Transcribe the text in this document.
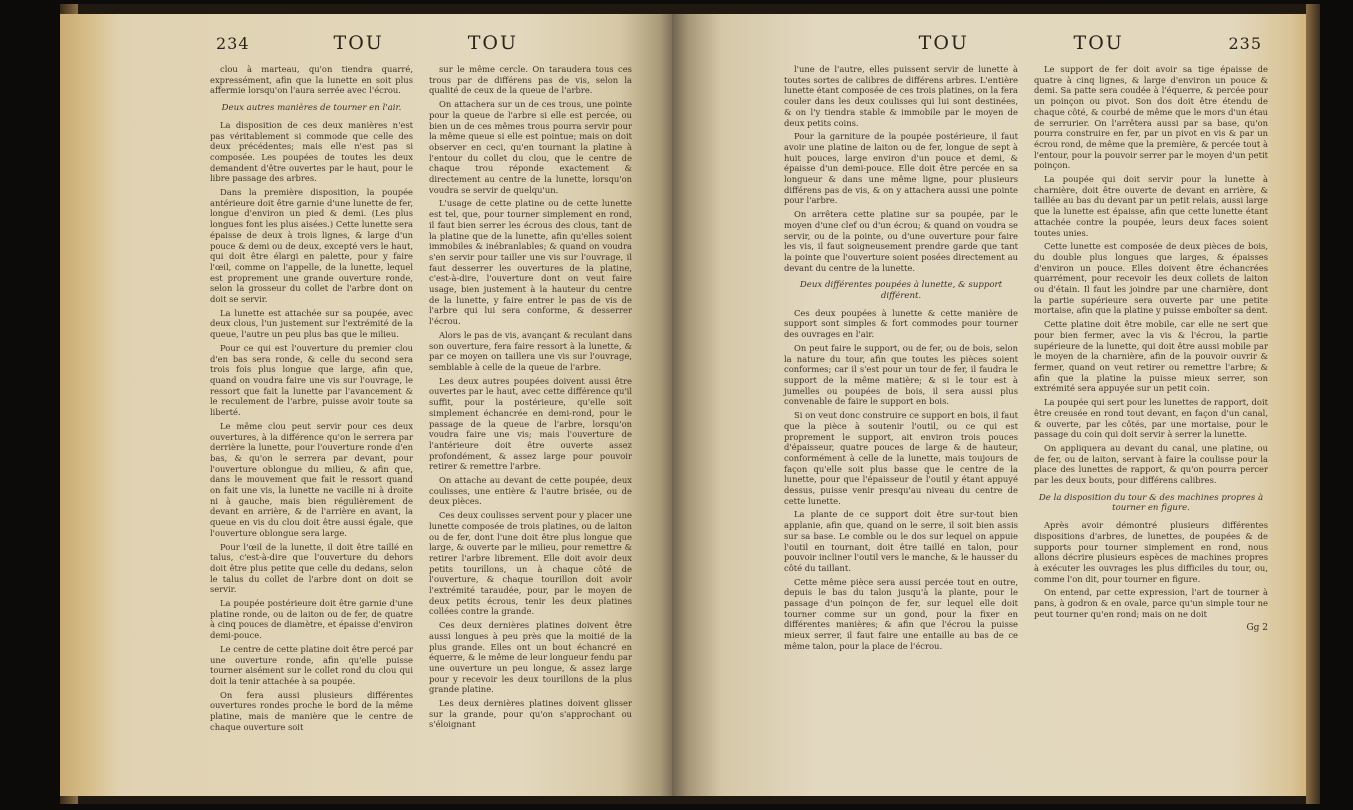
234	TOU	TOU

clou à marteau, qu'on tiendra quarré, expressément, afin que la lunette en soit plus affermie lorsqu'on l'aura serrée avec l'écrou.

Deux autres manières de tourner en l'air.

La disposition de ces deux manières n'est pas véritablement si commode que celle des deux précédentes; mais elle n'est pas si composée. Les poupées de toutes les deux demandent d'être ouvertes par le haut, pour le libre passage des arbres.

Dans la première disposition, la poupée antérieure doit être garnie d'une lunette de fer, longue d'environ un pied & demi. (Les plus longues font les plus aisées.) Cette lunette sera épaisse de deux à trois lignes, & large d'un pouce & demi ou de deux, excepté vers le haut, qui doit être élargi en palette, pour y faire l'œil, comme on l'appelle, de la lunette, lequel est proprement une grande ouverture ronde, selon la grosseur du collet de l'arbre dont on doit se servir.

La lunette est attachée sur sa poupée, avec deux clous, l'un justement sur l'extrémité de la queue, l'autre un peu plus bas que le milieu.

Pour ce qui est l'ouverture du premier clou d'en bas sera ronde, & celle du second sera trois fois plus longue que large, afin que, quand on voudra faire une vis sur l'ouvrage, le ressort que fait la lunette par l'avancement & le reculement de l'arbre, puisse avoir toute sa liberté.

Le même clou peut servir pour ces deux ouvertures, à la différence qu'on le serrera par derrière la lunette, pour l'ouverture ronde d'en bas, & qu'on le serrera par devant, pour l'ouverture oblongue du milieu, & afin que, dans le mouvement que fait le ressort quand on fait une vis, la lunette ne vacille ni à droite ni à gauche, mais bien régulièrement de devant en arrière, & de l'arrière en avant, la queue en vis du clou doit être aussi égale, que l'ouverture oblongue sera large.

Pour l'œil de la lunette, il doit être taillé en talus, c'est-à-dire que l'ouverture du dehors doit être plus petite que celle du dedans, selon le talus du collet de l'arbre dont on doit se servir.

La poupée postérieure doit être garnie d'une platine ronde, ou de laiton ou de fer, de quatre à cinq pouces de diamètre, et épaisse d'environ demi-pouce.

Le centre de cette platine doit être percé par une ouverture ronde, afin qu'elle puisse tourner aisément sur le collet rond du clou qui doit la tenir attachée à sa poupée.

On fera aussi plusieurs différentes ouvertures rondes proche le bord de la même platine, mais de manière que le centre de chaque ouverture soit

sur le même cercle. On taraudera tous ces trous par de différens pas de vis, selon la qualité de ceux de la queue de l'arbre.

On attachera sur un de ces trous, une pointe pour la queue de l'arbre si elle est percée, ou bien un de ces mêmes trous pourra servir pour la même queue si elle est pointue; mais on doit observer en ceci, qu'en tournant la platine à l'entour du collet du clou, que le centre de chaque trou réponde exactement & directement au centre de la lunette, lorsqu'on voudra se servir de quelqu'un.

L'usage de cette platine ou de cette lunette est tel, que, pour tourner simplement en rond, il faut bien serrer les écrous des clous, tant de la platine que de la lunette, afin qu'elles soient immobiles & inébranlables; & quand on voudra s'en servir pour tailler une vis sur l'ouvrage, il faut desserrer les ouvertures de la platine, c'est-à-dire, l'ouverture dont on veut faire usage, bien justement à la hauteur du centre de la lunette, y faire entrer le pas de vis de l'arbre qui lui sera conforme, & desserrer l'écrou.

Alors le pas de vis, avançant & reculant dans son ouverture, fera faire ressort à la lunette, & par ce moyen on taillera une vis sur l'ouvrage, semblable à celle de la queue de l'arbre.

Les deux autres poupées doivent aussi être ouvertes par le haut, avec cette différence qu'il suffit, pour la postérieure, qu'elle soit simplement échancrée en demi-rond, pour le passage de la queue de l'arbre, lorsqu'on voudra faire une vis; mais l'ouverture de l'antérieure doit être ouverte assez profondément, & assez large pour pouvoir retirer & remettre l'arbre.

On attache au devant de cette poupée, deux coulisses, une entière & l'autre brisée, ou de deux pièces.

Ces deux coulisses servent pour y placer une lunette composée de trois platines, ou de laiton ou de fer, dont l'une doit être plus longue que large, & ouverte par le milieu, pour remettre & retirer l'arbre librement. Elle doit avoir deux petits tourillons, un à chaque côté de l'ouverture, & chaque tourillon doit avoir l'extrémité taraudée, pour, par le moyen de deux petits écrous, tenir les deux platines collées contre la grande.

Ces deux dernières platines doivent être aussi longues à peu près que la moitié de la plus grande. Elles ont un bout échancré en équerre, & le même de leur longueur fendu par une ouverture un peu longue, & assez large pour y recevoir les deux tourillons de la plus grande platine.

Les deux dernières platines doivent glisser sur la grande, pour qu'on s'approchant ou s'éloignant

TOU	TOU	235

l'une de l'autre, elles puissent servir de lunette à toutes sortes de calibres de différens arbres. L'entière lunette étant composée de ces trois platines, on la fera couler dans les deux coulisses qui lui sont destinées, & on l'y tiendra stable & immobile par le moyen de deux petits coins.

Pour la garniture de la poupée postérieure, il faut avoir une platine de laiton ou de fer, longue de sept à huit pouces, large environ d'un pouce et demi, & épaisse d'un demi-pouce. Elle doit être percée en sa longueur & dans une même ligne, pour plusieurs différens pas de vis, & on y attachera aussi une pointe pour l'arbre.

On arrêtera cette platine sur sa poupée, par le moyen d'une clef ou d'un écrou; & quand on voudra se servir, ou de la pointe, ou d'une ouverture pour faire les vis, il faut soigneusement prendre garde que tant la pointe que l'ouverture soient posées directement au devant du centre de la lunette.

Deux différentes poupées à lunette, & support différent.

Ces deux poupées à lunette & cette manière de support sont simples & fort commodes pour tourner des ouvrages en l'air.

On peut faire le support, ou de fer, ou de bois, selon la nature du tour, afin que toutes les pièces soient conformes; car il s'est pour un tour de fer, il faudra le support de la même matière; & si le tour est à jumelles ou poupées de bois, il sera aussi plus convenable de faire le support en bois.

Si on veut donc construire ce support en bois, il faut que la pièce à soutenir l'outil, ou ce qui est proprement le support, ait environ trois pouces d'épaisseur, quatre pouces de large & de hauteur, conformément à celle de la lunette, mais toujours de façon qu'elle soit plus basse que le centre de la lunette, pour que l'épaisseur de l'outil y étant appuyé dessus, puisse venir presqu'au niveau du centre de cette lunette.

La plante de ce support doit être sur-tout bien applanie, afin que, quand on le serre, il soit bien assis sur sa base. Le comble ou le dos sur lequel on appuie l'outil en tournant, doit être taillé en talon, pour pouvoir incliner l'outil vers le manche, & le hausser du côté du taillant.

Cette même pièce sera aussi percée tout en outre, depuis le bas du talon jusqu'à la plante, pour le passage d'un poinçon de fer, sur lequel elle doit tourner comme sur un gond, pour la fixer en différentes manières; & afin que l'écrou la puisse mieux serrer, il faut faire une entaille au bas de ce même talon, pour la place de l'écrou.

Le support de fer doit avoir sa tige épaisse de quatre à cinq lignes, & large d'environ un pouce & demi. Sa patte sera coudée à l'équerre, & percée pour un poinçon ou pivot. Son dos doit être étendu de chaque côté, & courbé de même que le mors d'un étau de serrurier. On l'arrêtera aussi par sa base, qu'on pourra construire en fer, par un pivot en vis & par un écrou rond, de même que la première, & percée tout à l'entour, pour la pouvoir serrer par le moyen d'un petit poinçon.

La poupée qui doit servir pour la lunette à charnière, doit être ouverte de devant en arrière, & taillée au bas du devant par un petit relais, aussi large que la lunette est épaisse, afin que cette lunette étant attachée contre la poupée, leurs deux faces soient toutes unies.

Cette lunette est composée de deux pièces de bois, du double plus longues que larges, & épaisses d'environ un pouce. Elles doivent être échancrées quarrément, pour recevoir les deux collets de laiton ou d'étain. Il faut les joindre par une charnière, dont la partie supérieure sera ouverte par une petite mortaise, afin que la platine y puisse emboîter sa dent.

Cette platine doit être mobile, car elle ne sert que pour bien fermer, avec la vis & l'écrou, la partie supérieure de la lunette, qui doit être aussi mobile par le moyen de la charnière, afin de la pouvoir ouvrir & fermer, quand on veut retirer ou remettre l'arbre; & afin que la platine la puisse mieux serrer, son extrémité sera appuyée sur un petit coin.

La poupée qui sert pour les lunettes de rapport, doit être creusée en rond tout devant, en façon d'un canal, & ouverte, par les côtés, par une mortaise, pour le passage du coin qui doit servir à serrer la lunette.

On appliquera au devant du canal, une platine, ou de fer, ou de laiton, servant à faire la coulisse pour la place des lunettes de rapport, & qu'on pourra percer par les deux bouts, pour différens calibres.

De la disposition du tour & des machines propres à tourner en figure.

Après avoir démontré plusieurs différentes dispositions d'arbres, de lunettes, de poupées & de supports pour tourner simplement en rond, nous allons décrire plusieurs espèces de machines propres à exécuter les ouvrages les plus difficiles du tour, ou, comme l'on dit, pour tourner en figure.

On entend, par cette expression, l'art de tourner à pans, à godron & en ovale, parce qu'un simple tour ne peut tourner qu'en rond; mais on ne doit

Gg 2
